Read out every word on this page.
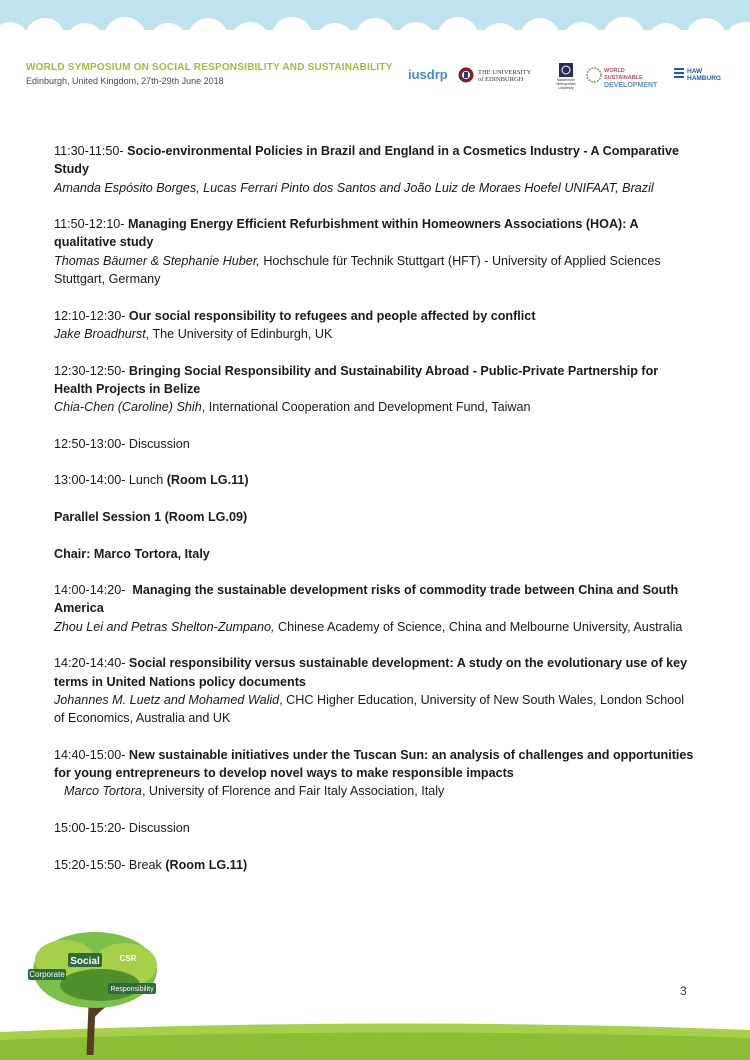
WORLD SYMPOSIUM ON SOCIAL RESPONSIBILITY AND SUSTAINABILITY
Edinburgh, United Kingdom, 27th-29th June 2018	iusdrp	THE UNIVERSITY
of EDINBURGH	Manchester Metropolitan University
WORLD SUSTAINABLE
DEVELOPMENT
HAW
HAMBURG

11:30-11:50- Socio-environmental Policies in Brazil and England in a Cosmetics Industry - A Comparative Study

Amanda Espósito Borges, Lucas Ferrari Pinto dos Santos and João Luiz de Moraes Hoefel UNIFAAT, Brazil

11:50-12:10- Managing Energy Efficient Refurbishment within Homeowners Associations (HOA): A qualitative study

Thomas Bäumer & Stephanie Huber, Hochschule für Technik Stuttgart (HFT) - University of Applied Sciences Stuttgart, Germany

12:10-12:30- Our social responsibility to refugees and people affected by conflict

Jake Broadhurst, The University of Edinburgh, UK

12:30-12:50- Bringing Social Responsibility and Sustainability Abroad - Public-Private Partnership for Health Projects in Belize

Chia-Chen (Caroline) Shih, International Cooperation and Development Fund, Taiwan

12:50-13:00- Discussion

13:00-14:00- Lunch (Room LG.11)

Parallel Session 1 (Room LG.09)

Chair: Marco Tortora, Italy

14:00-14:20-  Managing the sustainable development risks of commodity trade between China and South America

Zhou Lei and Petras Shelton-Zumpano, Chinese Academy of Science, China and Melbourne University, Australia

14:20-14:40- Social responsibility versus sustainable development: A study on the evolutionary use of key terms in United Nations policy documents

Johannes M. Luetz and Mohamed Walid, CHC Higher Education, University of New South Wales, London School of Economics, Australia and UK

14:40-15:00- New sustainable initiatives under the Tuscan Sun: an analysis of challenges and opportunities for young entrepreneurs to develop novel ways to make responsible impacts

Marco Tortora, University of Florence and Fair Italy Association, Italy

15:00-15:20- Discussion

15:20-15:50- Break (Room LG.11)

Social
Corporate
CSR
Responsibility	3
